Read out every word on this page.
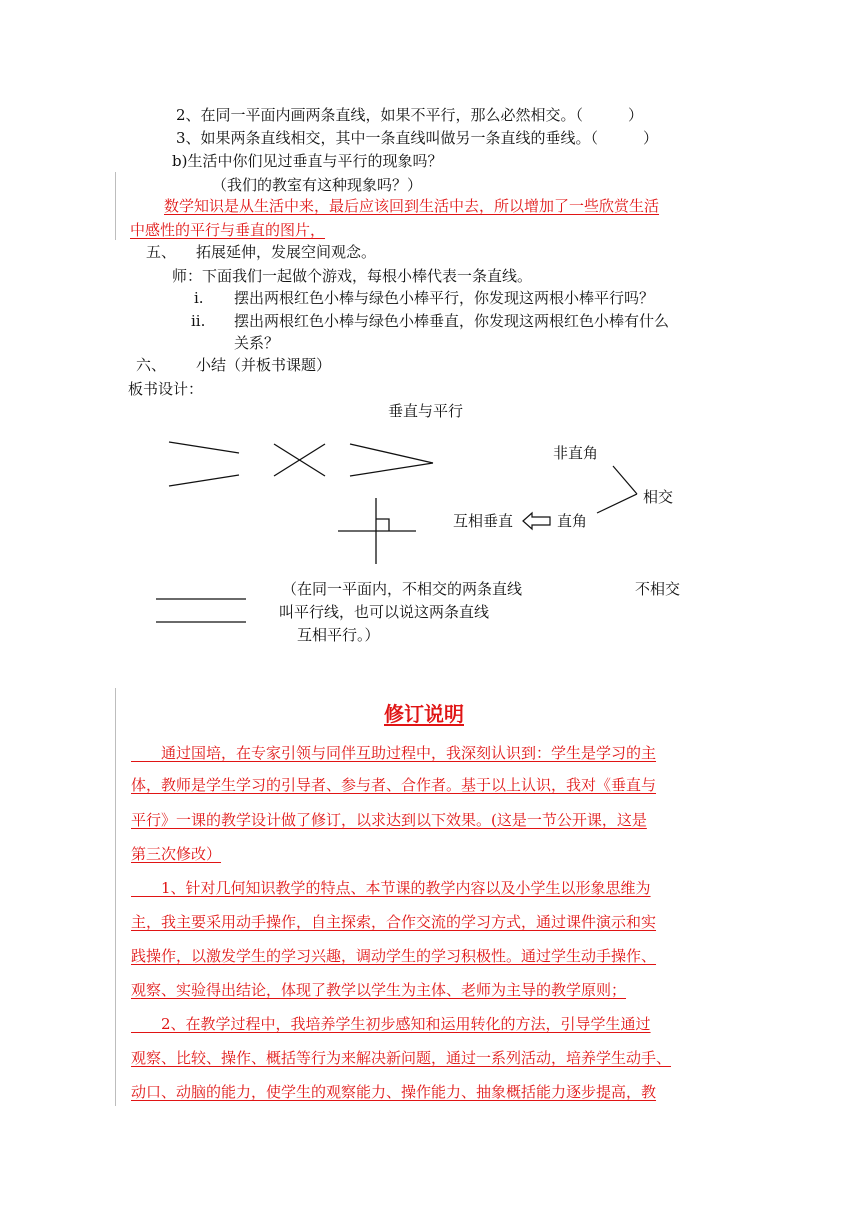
2、在同一平面内画两条直线，如果不平行，那么必然相交。（　　　）
3、如果两条直线相交，其中一条直线叫做另一条直线的垂线。（　　　）
b)生活中你们见过垂直与平行的现象吗？
（我们的教室有这种现象吗？）
数学知识是从生活中来，最后应该回到生活中去，所以增加了一些欣赏生活
中感性的平行与垂直的图片，
五、 拓展延伸，发展空间观念。
师：下面我们一起做个游戏，每根小棒代表一条直线。
i. 摆出两根红色小棒与绿色小棒平行，你发现这两根小棒平行吗？
ii. 摆出两根红色小棒与绿色小棒垂直，你发现这两根红色小棒有什么
关系？
六、 小结（并板书课题）
板书设计：
垂直与平行
非直角
相交
互相垂直	直角
（在同一平面内，不相交的两条直线
叫平行线，也可以说这两条直线
互相平行。）
不相交
修订说明
　　通过国培，在专家引领与同伴互助过程中，我深刻认识到：学生是学习的主
体，教师是学生学习的引导者、参与者、合作者。基于以上认识，我对《垂直与
平行》一课的教学设计做了修订，以求达到以下效果。(这是一节公开课，这是
第三次修改）
　　1、针对几何知识教学的特点、本节课的教学内容以及小学生以形象思维为
主，我主要采用动手操作，自主探索，合作交流的学习方式，通过课件演示和实
践操作，以激发学生的学习兴趣，调动学生的学习积极性。通过学生动手操作、
观察、实验得出结论，体现了教学以学生为主体、老师为主导的教学原则；
　　2、在教学过程中，我培养学生初步感知和运用转化的方法，引导学生通过
观察、比较、操作、概括等行为来解决新问题，通过一系列活动，培养学生动手、
动口、动脑的能力，使学生的观察能力、操作能力、抽象概括能力逐步提高，教
